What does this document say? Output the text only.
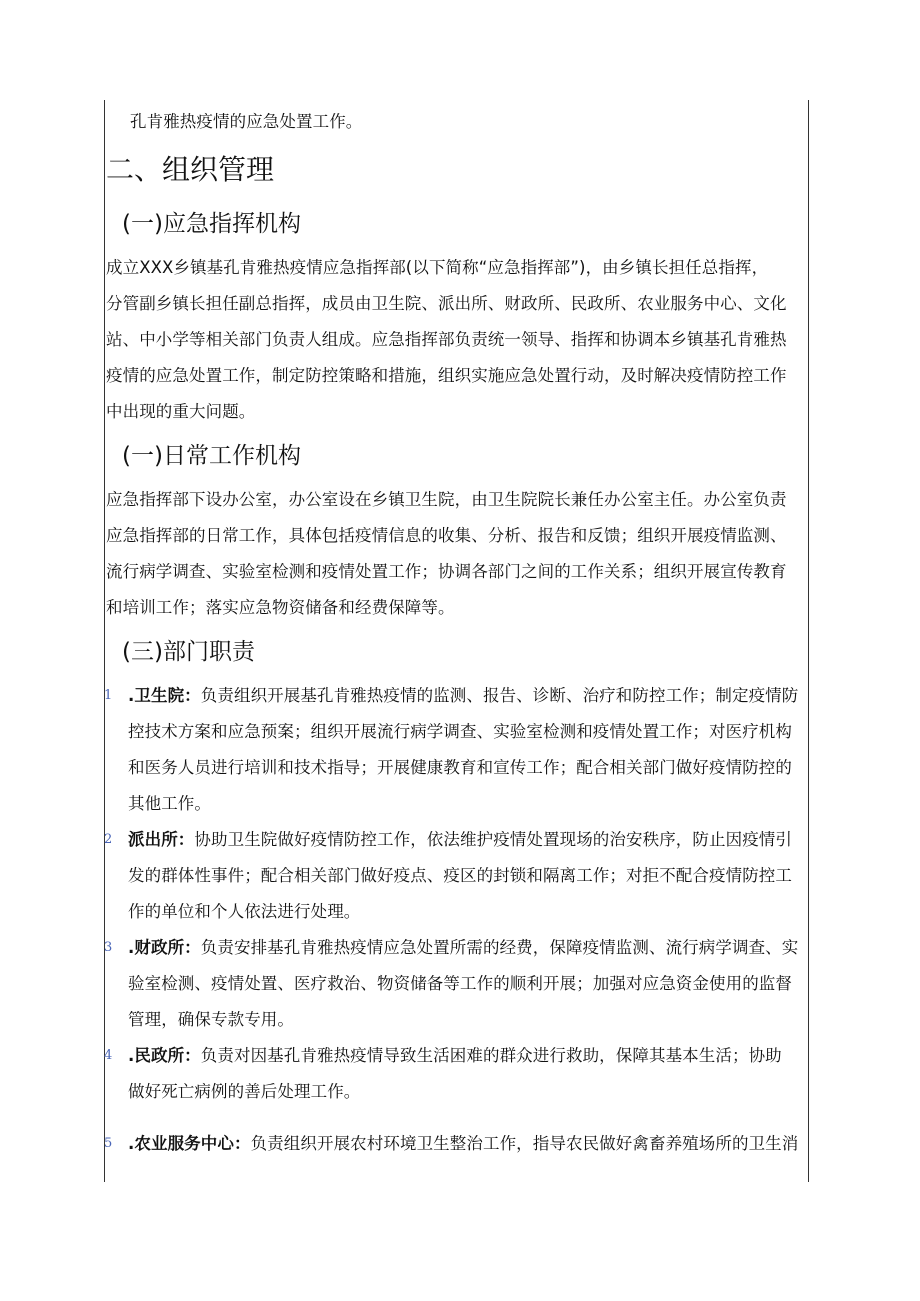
孔肯雅热疫情的应急处置工作。
二、组织管理
(一)应急指挥机构
成立XXX乡镇基孔肯雅热疫情应急指挥部(以下简称“应急指挥部”)，由乡镇长担任总指挥，
分管副乡镇长担任副总指挥，成员由卫生院、派出所、财政所、民政所、农业服务中心、文化
站、中小学等相关部门负责人组成。应急指挥部负责统一领导、指挥和协调本乡镇基孔肯雅热
疫情的应急处置工作，制定防控策略和措施，组织实施应急处置行动，及时解决疫情防控工作
中出现的重大问题。
(一)日常工作机构
应急指挥部下设办公室，办公室设在乡镇卫生院，由卫生院院长兼任办公室主任。办公室负责
应急指挥部的日常工作，具体包括疫情信息的收集、分析、报告和反馈；组织开展疫情监测、
流行病学调查、实验室检测和疫情处置工作；协调各部门之间的工作关系；组织开展宣传教育
和培训工作；落实应急物资储备和经费保障等。
(三)部门职责
1 .卫生院：负责组织开展基孔肯雅热疫情的监测、报告、诊断、治疗和防控工作；制定疫情防
控技术方案和应急预案；组织开展流行病学调查、实验室检测和疫情处置工作；对医疗机构
和医务人员进行培训和技术指导；开展健康教育和宣传工作；配合相关部门做好疫情防控的
其他工作。
2 派出所：协助卫生院做好疫情防控工作，依法维护疫情处置现场的治安秩序，防止因疫情引
发的群体性事件；配合相关部门做好疫点、疫区的封锁和隔离工作；对拒不配合疫情防控工
作的单位和个人依法进行处理。
3 .财政所：负责安排基孔肯雅热疫情应急处置所需的经费，保障疫情监测、流行病学调查、实
验室检测、疫情处置、医疗救治、物资储备等工作的顺利开展；加强对应急资金使用的监督
管理，确保专款专用。
4 .民政所：负责对因基孔肯雅热疫情导致生活困难的群众进行救助，保障其基本生活；协助
做好死亡病例的善后处理工作。
5 .农业服务中心：负责组织开展农村环境卫生整治工作，指导农民做好禽畜养殖场所的卫生消
